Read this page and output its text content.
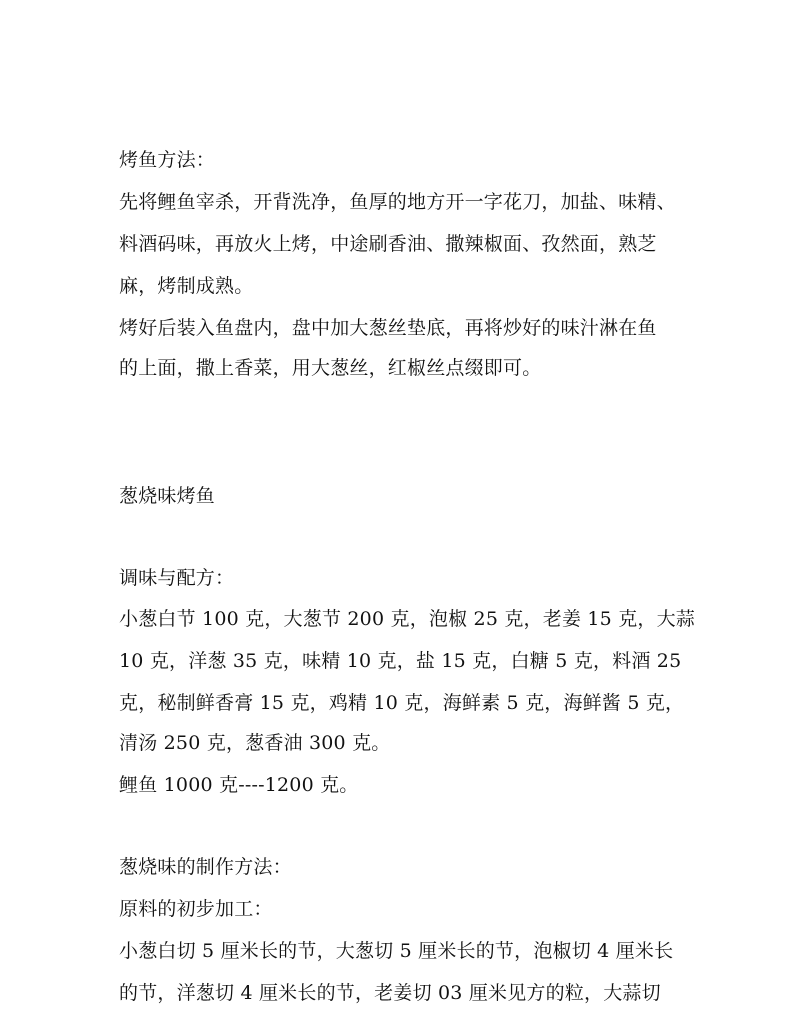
烤鱼方法：
先将鲤鱼宰杀，开背洗净，鱼厚的地方开一字花刀，加盐、味精、
料酒码味，再放火上烤，中途刷香油、撒辣椒面、孜然面，熟芝
麻，烤制成熟。
烤好后装入鱼盘内，盘中加大葱丝垫底，再将炒好的味汁淋在鱼
的上面，撒上香菜，用大葱丝，红椒丝点缀即可。
葱烧味烤鱼
调味与配方：
小葱白节 100 克，大葱节 200 克，泡椒 25 克，老姜 15 克，大蒜
10 克，洋葱 35 克，味精 10 克，盐 15 克，白糖 5 克，料酒 25
克，秘制鲜香膏 15 克，鸡精 10 克，海鲜素 5 克，海鲜酱 5 克，
清汤 250 克，葱香油 300 克。
鲤鱼 1000 克----1200 克。
葱烧味的制作方法：
原料的初步加工：
小葱白切 5 厘米长的节，大葱切 5 厘米长的节，泡椒切 4 厘米长
的节，洋葱切 4 厘米长的节，老姜切 03 厘米见方的粒，大蒜切
